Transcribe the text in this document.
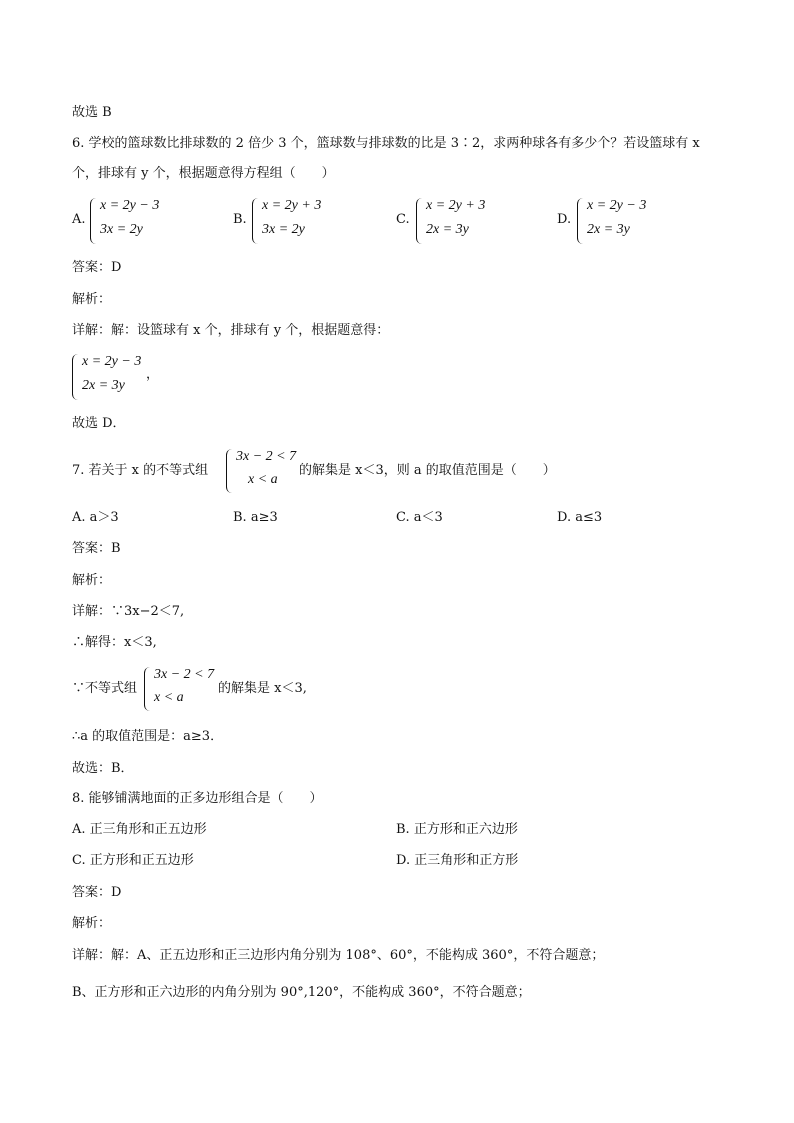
故选 B
6. 学校的篮球数比排球数的 2 倍少 3 个，篮球数与排球数的比是 3∶2，求两种球各有多少个？若设篮球有 x
个，排球有 y 个，根据题意得方程组（　　）
A.
x = 2y − 3
3x = 2y
B.
x = 2y + 3
3x = 2y
C.
x = 2y + 3
2x = 3y
D.
x = 2y − 3
2x = 3y
答案：D
解析：
详解：解：设篮球有 x 个，排球有 y 个，根据题意得：
x = 2y − 3
2x = 3y
，
故选 D．
7. 若关于 x 的不等式组
3x − 2 < 7
x < a
的解集是 x＜3，则 a 的取值范围是（　　）
A. a＞3	B. a≥3	C. a＜3	D. a≤3
答案：B
解析：
详解：∵3x−2＜7,
∴解得：x＜3,
∵不等式组
3x − 2 < 7
x < a
的解集是 x＜3,
∴a 的取值范围是：a≥3．
故选：B．
8. 能够铺满地面的正多边形组合是（　　）
A. 正三角形和正五边形	B. 正方形和正六边形
C. 正方形和正五边形	D. 正三角形和正方形
答案：D
解析：
详解：解：A、正五边形和正三边形内角分别为 108°、60°，不能构成 360°，不符合题意；
B、正方形和正六边形的内角分别为 90°,120°，不能构成 360°，不符合题意；
